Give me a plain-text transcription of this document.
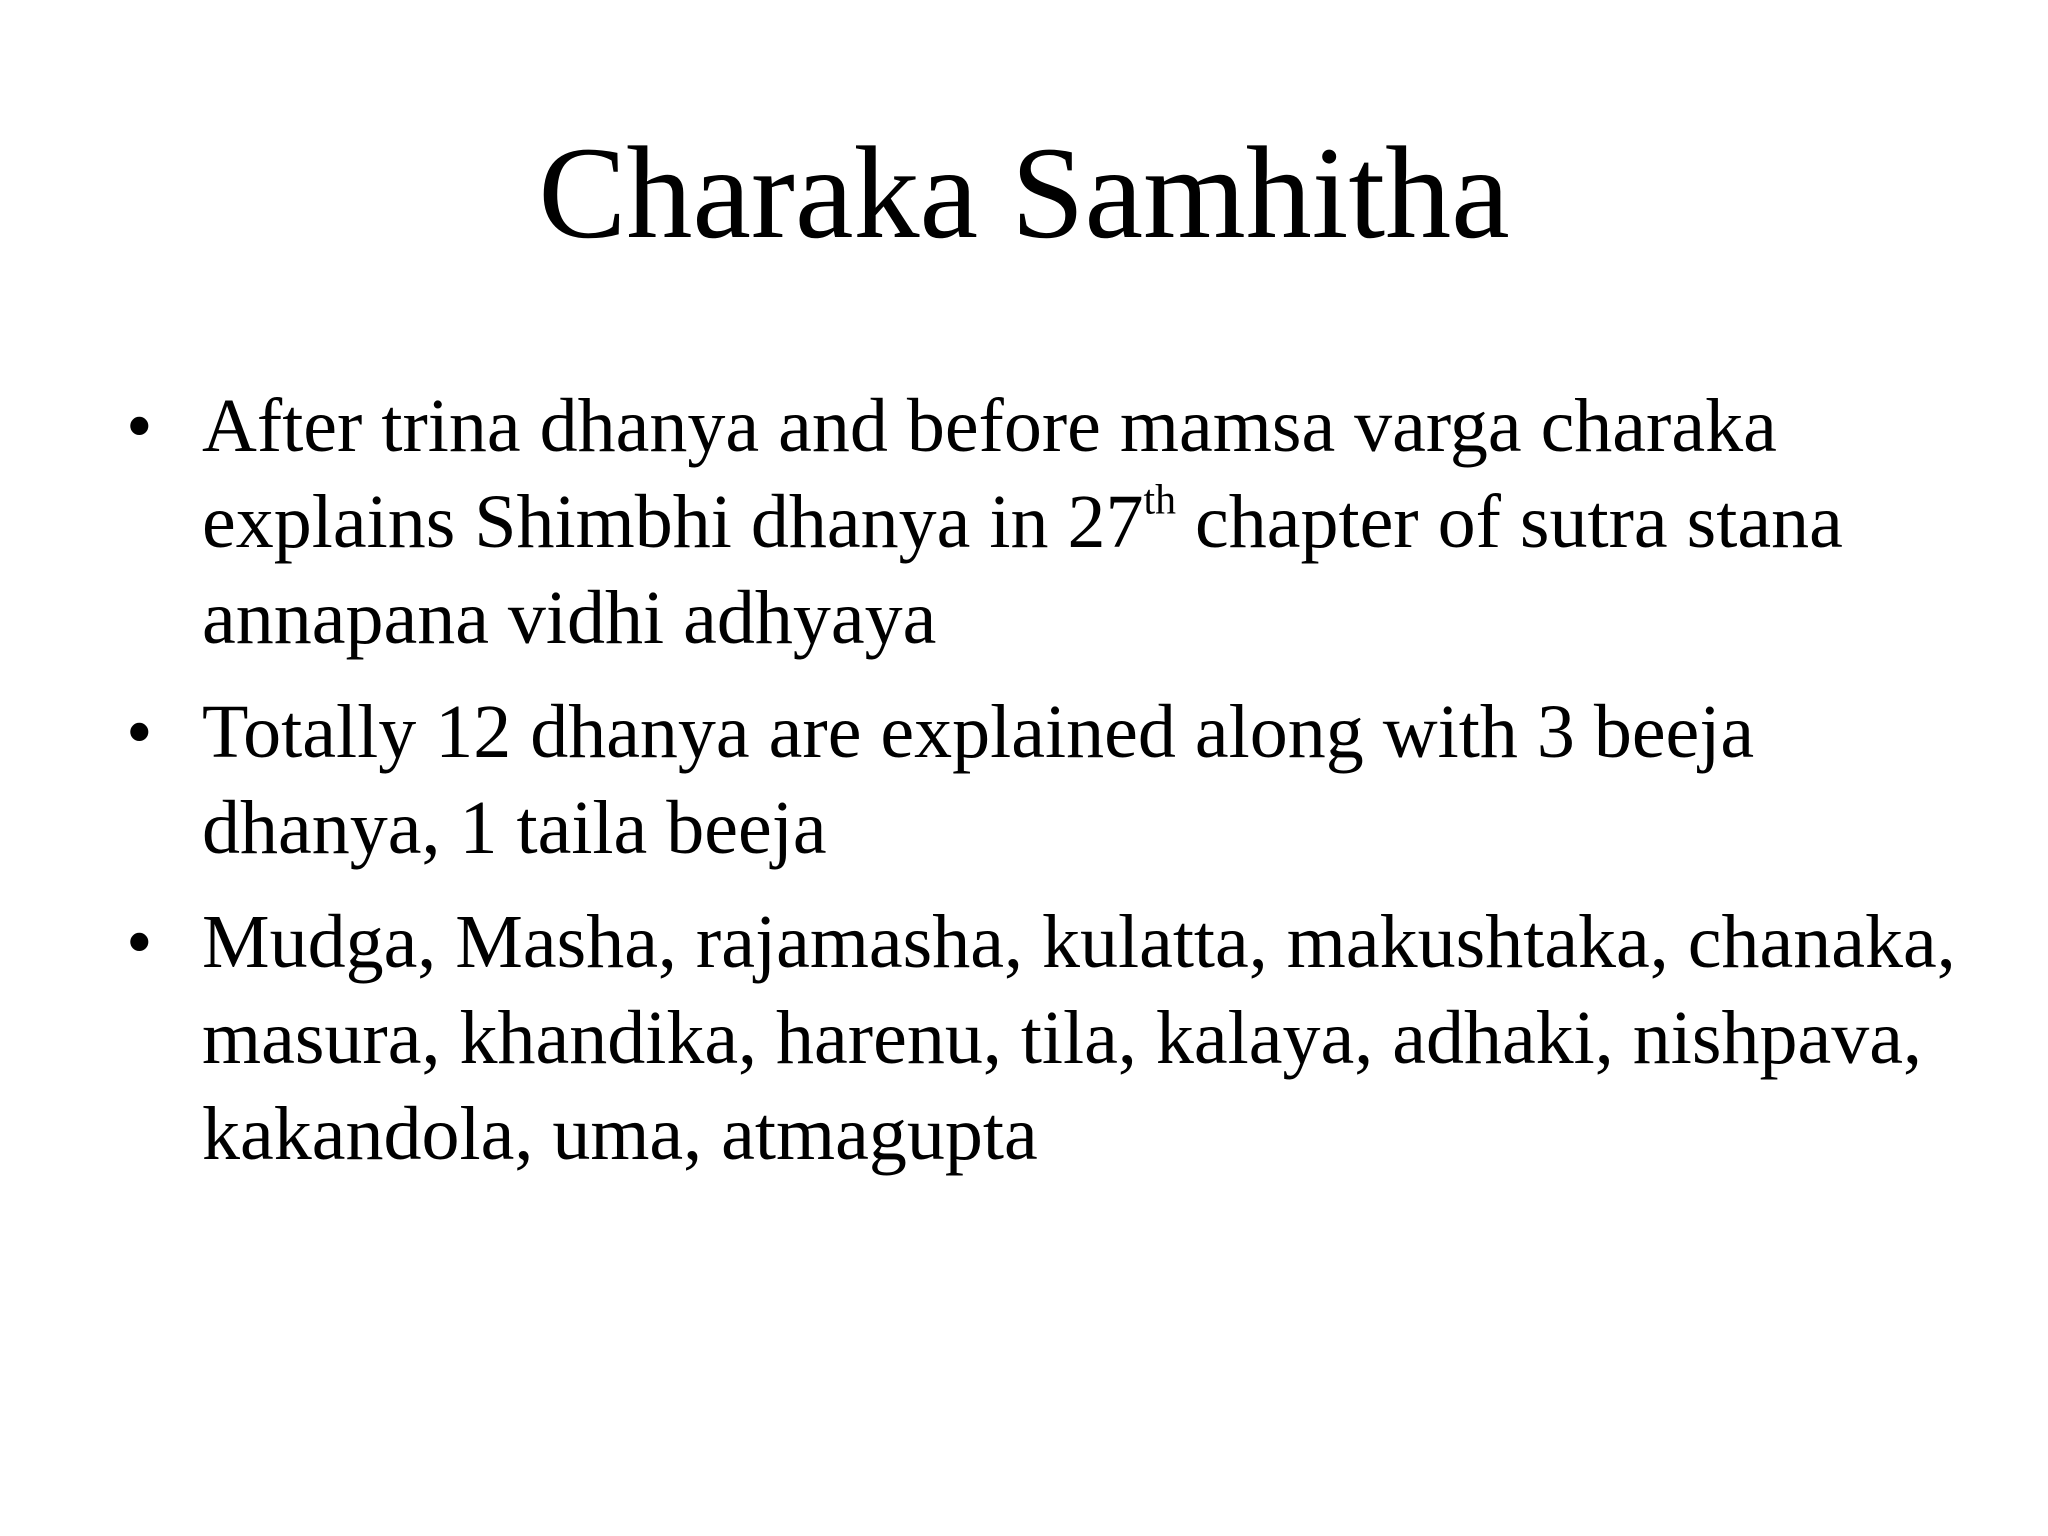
Charaka Samhitha
• After trina dhanya and before mamsa varga charaka explains Shimbhi dhanya in 27th chapter of sutra stana annapana vidhi adhyaya
• Totally 12 dhanya are explained along with 3 beeja dhanya, 1 taila beeja
• Mudga, Masha, rajamasha, kulatta, makushtaka, chanaka, masura, khandika, harenu, tila, kalaya, adhaki, nishpava, kakandola, uma, atmagupta
